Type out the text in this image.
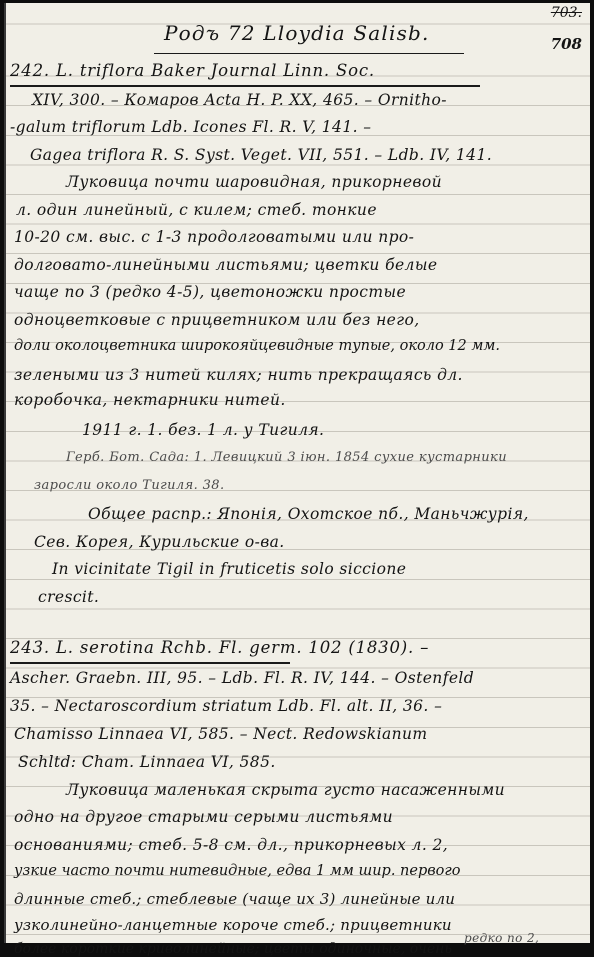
703.
708
Родъ 72 Lloydia Salisb.
242. L. triflora Baker Journal Linn. Soc.
XIV, 300. – Комаров Acta H. P. XX, 465. – Ornitho-
-galum triflorum Ldb. Icones Fl. R. V, 141. –
Gagea triflora R. S. Syst. Veget. VII, 551. – Ldb. IV, 141.
Луковица почти шаровидная, прикорневой
л. один линейный, с килем; стеб. тонкие
10-20 см. выс. с 1-3 продолговатыми или про-
долговато-линейными листьями; цветки белые
чаще по 3 (редко 4-5), цветоножки простые
одноцветковые с прицветником или без него,
доли околоцветника широкояйцевидные тупые, около 12 мм.
зелеными из 3 нитей килях; нить прекращаясь дл.
коробочка, нектарники нитей.
1911 г. 1. без. 1 л. у Тигиля.
Герб. Бот. Сада: 1. Левицкий 3 іюн. 1854 сухие кустарники
заросли около Тигиля. 38.
Общее распр.: Японія, Охотское пб., Маньчжурія,
Сев. Корея, Курильские о-ва.
In vicinitate Tigil in fruticetis solo siccione
crescit.
243. L. serotina Rchb. Fl. germ. 102 (1830). –
Ascher. Graebn. III, 95. – Ldb. Fl. R. IV, 144. – Ostenfeld
35. – Nectaroscordium striatum Ldb. Fl. alt. II, 36. –
Chamisso Linnaea VI, 585. – Nect. Redowskianum
Schltd: Cham. Linnaea VI, 585.
Луковица маленькая скрыта густо насаженными
одно на другое старыми серыми листьями
основаниями; стеб. 5-8 см. дл., прикорневых л. 2,
узкие часто почти нитевидные, едва 1 мм шир. первого
длинные стеб.; стеблевые (чаще их 3) линейные или
узколинейно-ланцетные короче стеб.; прицветники
более короткие криволинейные; цветы одиночные, очень
редко по 2,
